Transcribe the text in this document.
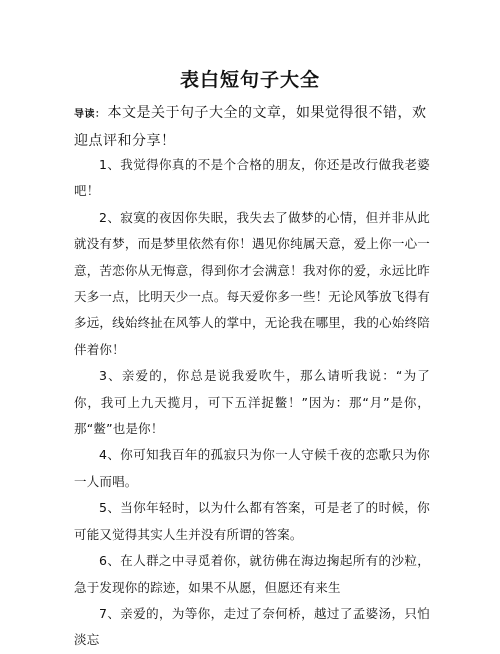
表白短句子大全
导读： 本文是关于句子大全的文章，如果觉得很不错，欢迎点评和分享！

1、我觉得你真的不是个合格的朋友，你还是改行做我老婆吧！

2、寂寞的夜因你失眠，我失去了做梦的心情，但并非从此就没有梦，而是梦里依然有你！遇见你纯属天意，爱上你一心一意，苦恋你从无悔意，得到你才会满意！我对你的爱，永远比昨天多一点，比明天少一点。每天爱你多一些！无论风筝放飞得有多远，线始终扯在风筝人的掌中，无论我在哪里，我的心始终陪伴着你！

3、亲爱的，你总是说我爱吹牛，那么请听我说：“为了你，我可上九天揽月，可下五洋捉鳖！”因为：那“月”是你，那“鳖”也是你！

4、你可知我百年的孤寂只为你一人守候千夜的恋歌只为你一人而唱。

5、当你年轻时，以为什么都有答案，可是老了的时候，你可能又觉得其实人生并没有所谓的答案。

6、在人群之中寻觅着你，就彷佛在海边掬起所有的沙粒，急于发现你的踪迹，如果不从愿，但愿还有来生

7、亲爱的，为等你，走过了奈何桥，越过了孟婆汤，只怕淡忘
